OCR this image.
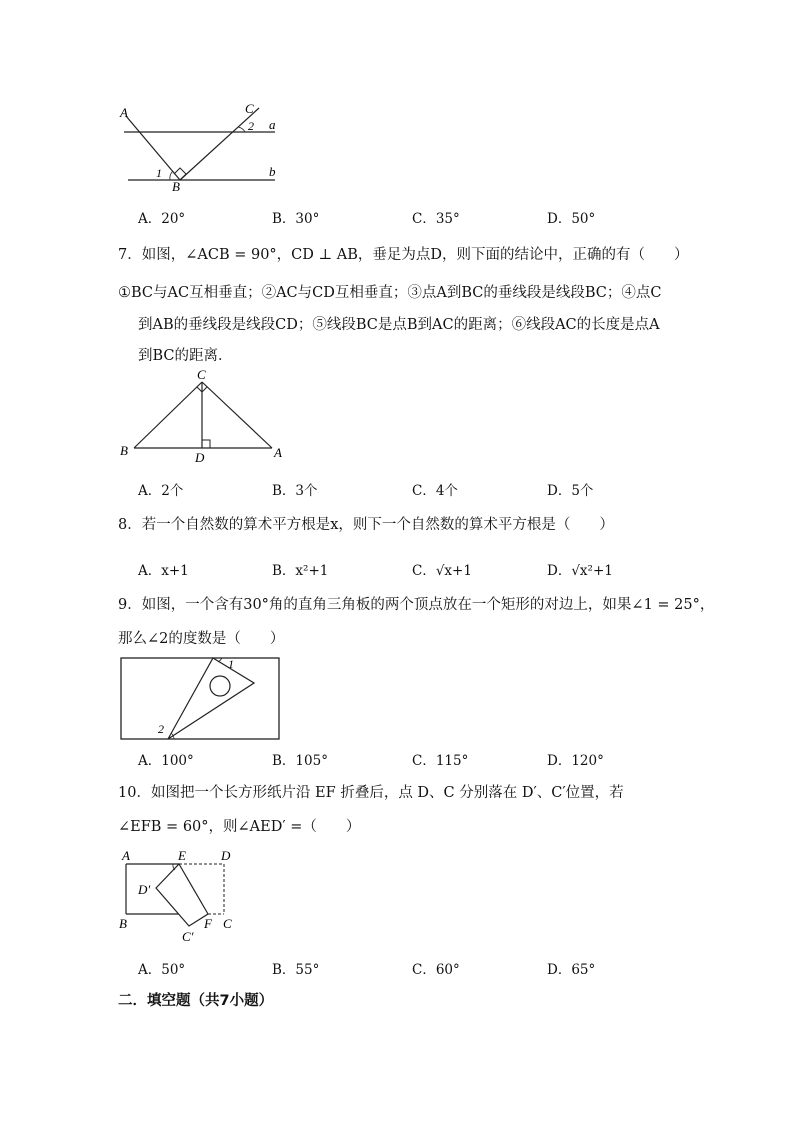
A	C
2 a
1	b
B
A．20°	B．30°	C．35°	D．50°
7．如图，∠ACB = 90°，CD ⊥ AB，垂足为点D，则下面的结论中，正确的有（　　）
①BC与AC互相垂直；②AC与CD互相垂直；③点A到BC的垂线段是线段BC；④点C
到AB的垂线段是线段CD；⑤线段BC是点B到AC的距离；⑥线段AC的长度是点A
到BC的距离．
C
B	D	A
A．2个	B．3个	C．4个	D．5个
8．若一个自然数的算术平方根是x，则下一个自然数的算术平方根是（　　）
A．x+1	B．x²+1	C．√x+1	D．√x²+1
9．如图，一个含有30°角的直角三角板的两个顶点放在一个矩形的对边上，如果∠1 = 25°，
那么∠2的度数是（　　）
1
2
A．100°	B．105°	C．115°	D．120°
10．如图把一个长方形纸片沿 EF 折叠后，点 D、C 分别落在 D′、C′位置，若
∠EFB = 60°，则∠AED′ =（　　）
A	E	D
D′
B	F C
C′
A．50°	B．55°	C．60°	D．65°
二．填空题（共7小题）
